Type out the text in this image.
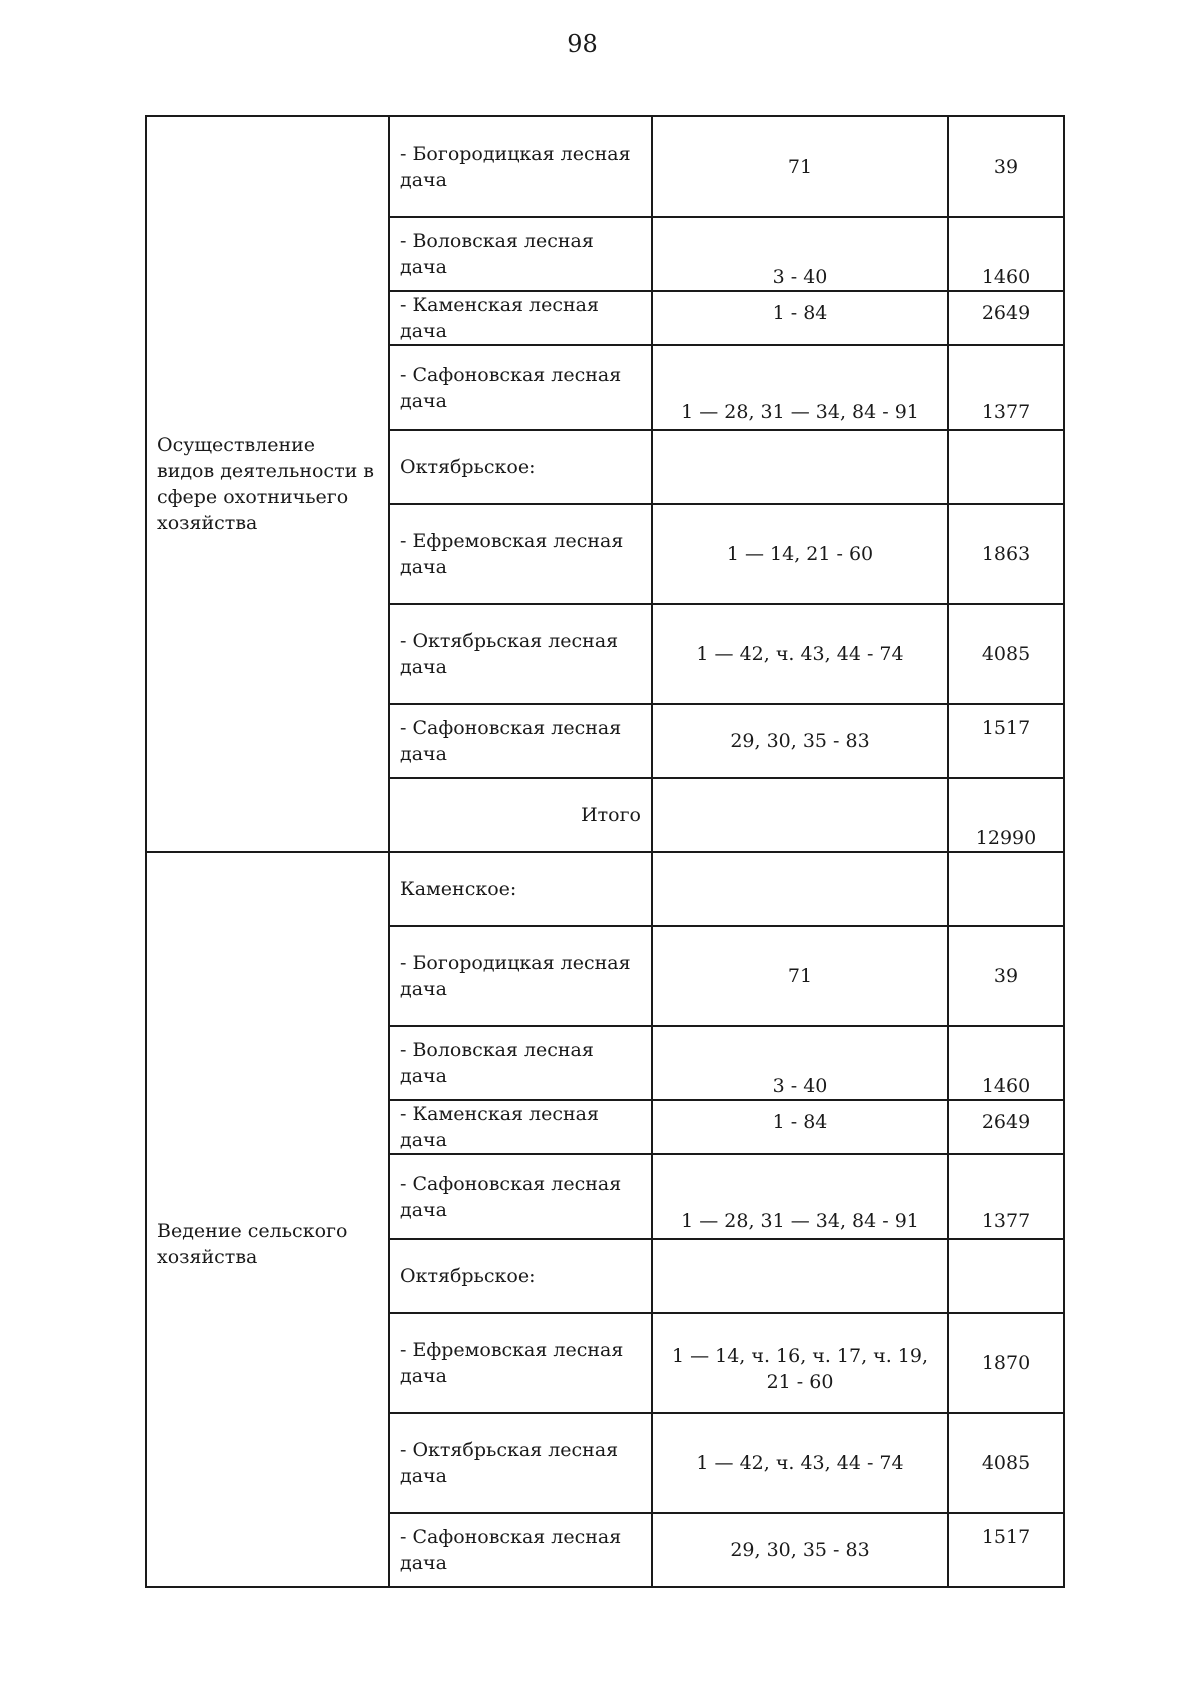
98
Осуществление видов деятельности в сфере охотничьего хозяйства	- Богородицкая лесная дача	71	39
	- Воловская лесная дача	3 - 40	1460
	- Каменская лесная дача	1 - 84	2649
	- Сафоновская лесная дача	1 — 28, 31 — 34, 84 - 91	1377
	Октябрьское:		
	- Ефремовская лесная дача	1 — 14, 21 - 60	1863
	- Октябрьская лесная дача	1 — 42, ч. 43, 44 - 74	4085
	- Сафоновская лесная дача	29, 30, 35 - 83	1517
	Итого		12990
Ведение сельского хозяйства	Каменское:		
	- Богородицкая лесная дача	71	39
	- Воловская лесная дача	3 - 40	1460
	- Каменская лесная дача	1 - 84	2649
	- Сафоновская лесная дача	1 — 28, 31 — 34, 84 - 91	1377
	Октябрьское:		
	- Ефремовская лесная дача	1 — 14, ч. 16, ч. 17, ч. 19, 21 - 60	1870
	- Октябрьская лесная дача	1 — 42, ч. 43, 44 - 74	4085
	- Сафоновская лесная дача	29, 30, 35 - 83	1517
